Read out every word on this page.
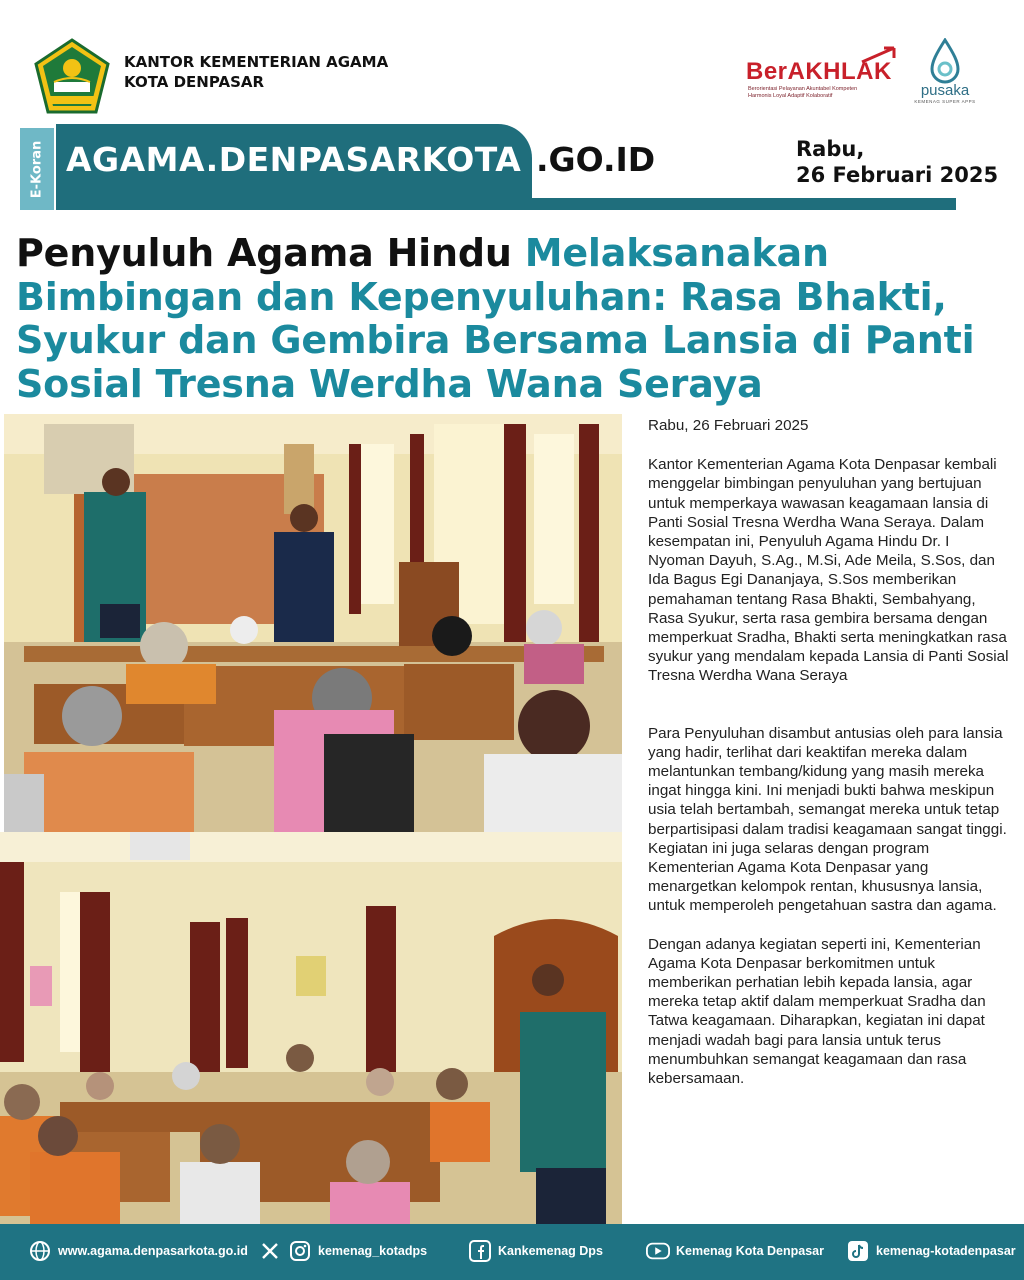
KANTOR KEMENTERIAN AGAMA
KOTA DENPASAR	BerAKHLAK
Berorientasi Pelayanan Akuntabel Kompeten
Harmonis Loyal Adaptif Kolaboratif	pusaka
KEMENAG SUPER APPS
E-Koran AGAMA.DENPASARKOTA .GO.ID	Rabu,
26 Februari 2025
Penyuluh Agama Hindu Melaksanakan Bimbingan dan Kepenyuluhan: Rasa Bhakti, Syukur dan Gembira Bersama Lansia di Panti Sosial Tresna Werdha Wana Seraya

Rabu, 26 Februari 2025

Kantor Kementerian Agama Kota Denpasar kembali menggelar bimbingan penyuluhan yang bertujuan untuk memperkaya wawasan keagamaan lansia di Panti Sosial Tresna Werdha Wana Seraya. Dalam kesempatan ini, Penyuluh Agama Hindu Dr. I Nyoman Dayuh, S.Ag., M.Si, Ade Meila, S.Sos, dan Ida Bagus Egi Dananjaya, S.Sos memberikan pemahaman tentang Rasa Bhakti, Sembahyang, Rasa Syukur, serta rasa gembira bersama dengan memperkuat Sradha, Bhakti serta meningkatkan rasa syukur yang mendalam kepada Lansia di Panti Sosial Tresna Werdha Wana Seraya

Para Penyuluhan disambut antusias oleh para lansia yang hadir, terlihat dari keaktifan mereka dalam melantunkan tembang/kidung yang masih mereka ingat hingga kini. Ini menjadi bukti bahwa meskipun usia telah bertambah, semangat mereka untuk tetap berpartisipasi dalam tradisi keagamaan sangat tinggi. Kegiatan ini juga selaras dengan program Kementerian Agama Kota Denpasar yang menargetkan kelompok rentan, khususnya lansia, untuk memperoleh pengetahuan sastra dan agama.

Dengan adanya kegiatan seperti ini, Kementerian Agama Kota Denpasar berkomitmen untuk memberikan perhatian lebih kepada lansia, agar mereka tetap aktif dalam memperkuat Sradha dan Tatwa keagamaan. Diharapkan, kegiatan ini dapat menjadi wadah bagi para lansia untuk terus menumbuhkan semangat keagamaan dan rasa kebersamaan.

www.agama.denpasarkota.go.id	kemenag_kotadps	Kankemenag Dps	Kemenag Kota Denpasar	kemenag-kotadenpasar
